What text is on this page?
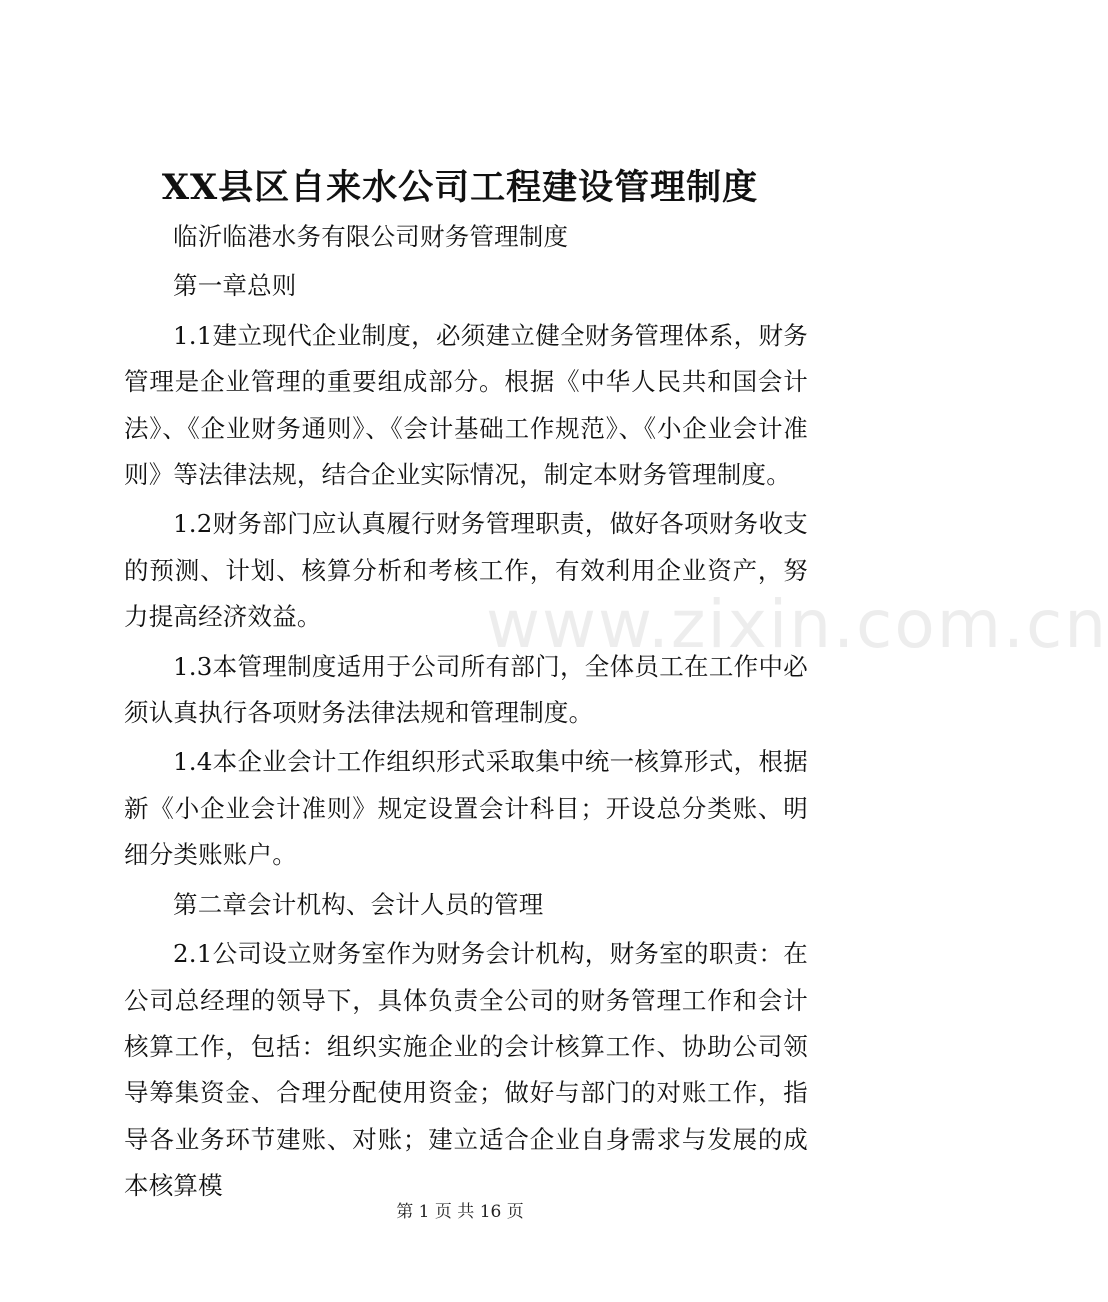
XX县区自来水公司工程建设管理制度

临沂临港水务有限公司财务管理制度

第一章总则

1.1建立现代企业制度，必须建立健全财务管理体系，财务管理是企业管理的重要组成部分。根据《中华人民共和国会计法》、《企业财务通则》、《会计基础工作规范》、《小企业会计准则》等法律法规，结合企业实际情况，制定本财务管理制度。

1.2财务部门应认真履行财务管理职责，做好各项财务收支的预测、计划、核算分析和考核工作，有效利用企业资产，努力提高经济效益。

1.3本管理制度适用于公司所有部门，全体员工在工作中必须认真执行各项财务法律法规和管理制度。

1.4本企业会计工作组织形式采取集中统一核算形式，根据新《小企业会计准则》规定设置会计科目；开设总分类账、明细分类账账户。

第二章会计机构、会计人员的管理

2.1公司设立财务室作为财务会计机构，财务室的职责：在公司总经理的领导下，具体负责全公司的财务管理工作和会计核算工作，包括：组织实施企业的会计核算工作、协助公司领导筹集资金、合理分配使用资金；做好与部门的对账工作，指导各业务环节建账、对账；建立适合企业自身需求与发展的成本核算模

www.zixin.com.cn
第 1 页 共 16 页
